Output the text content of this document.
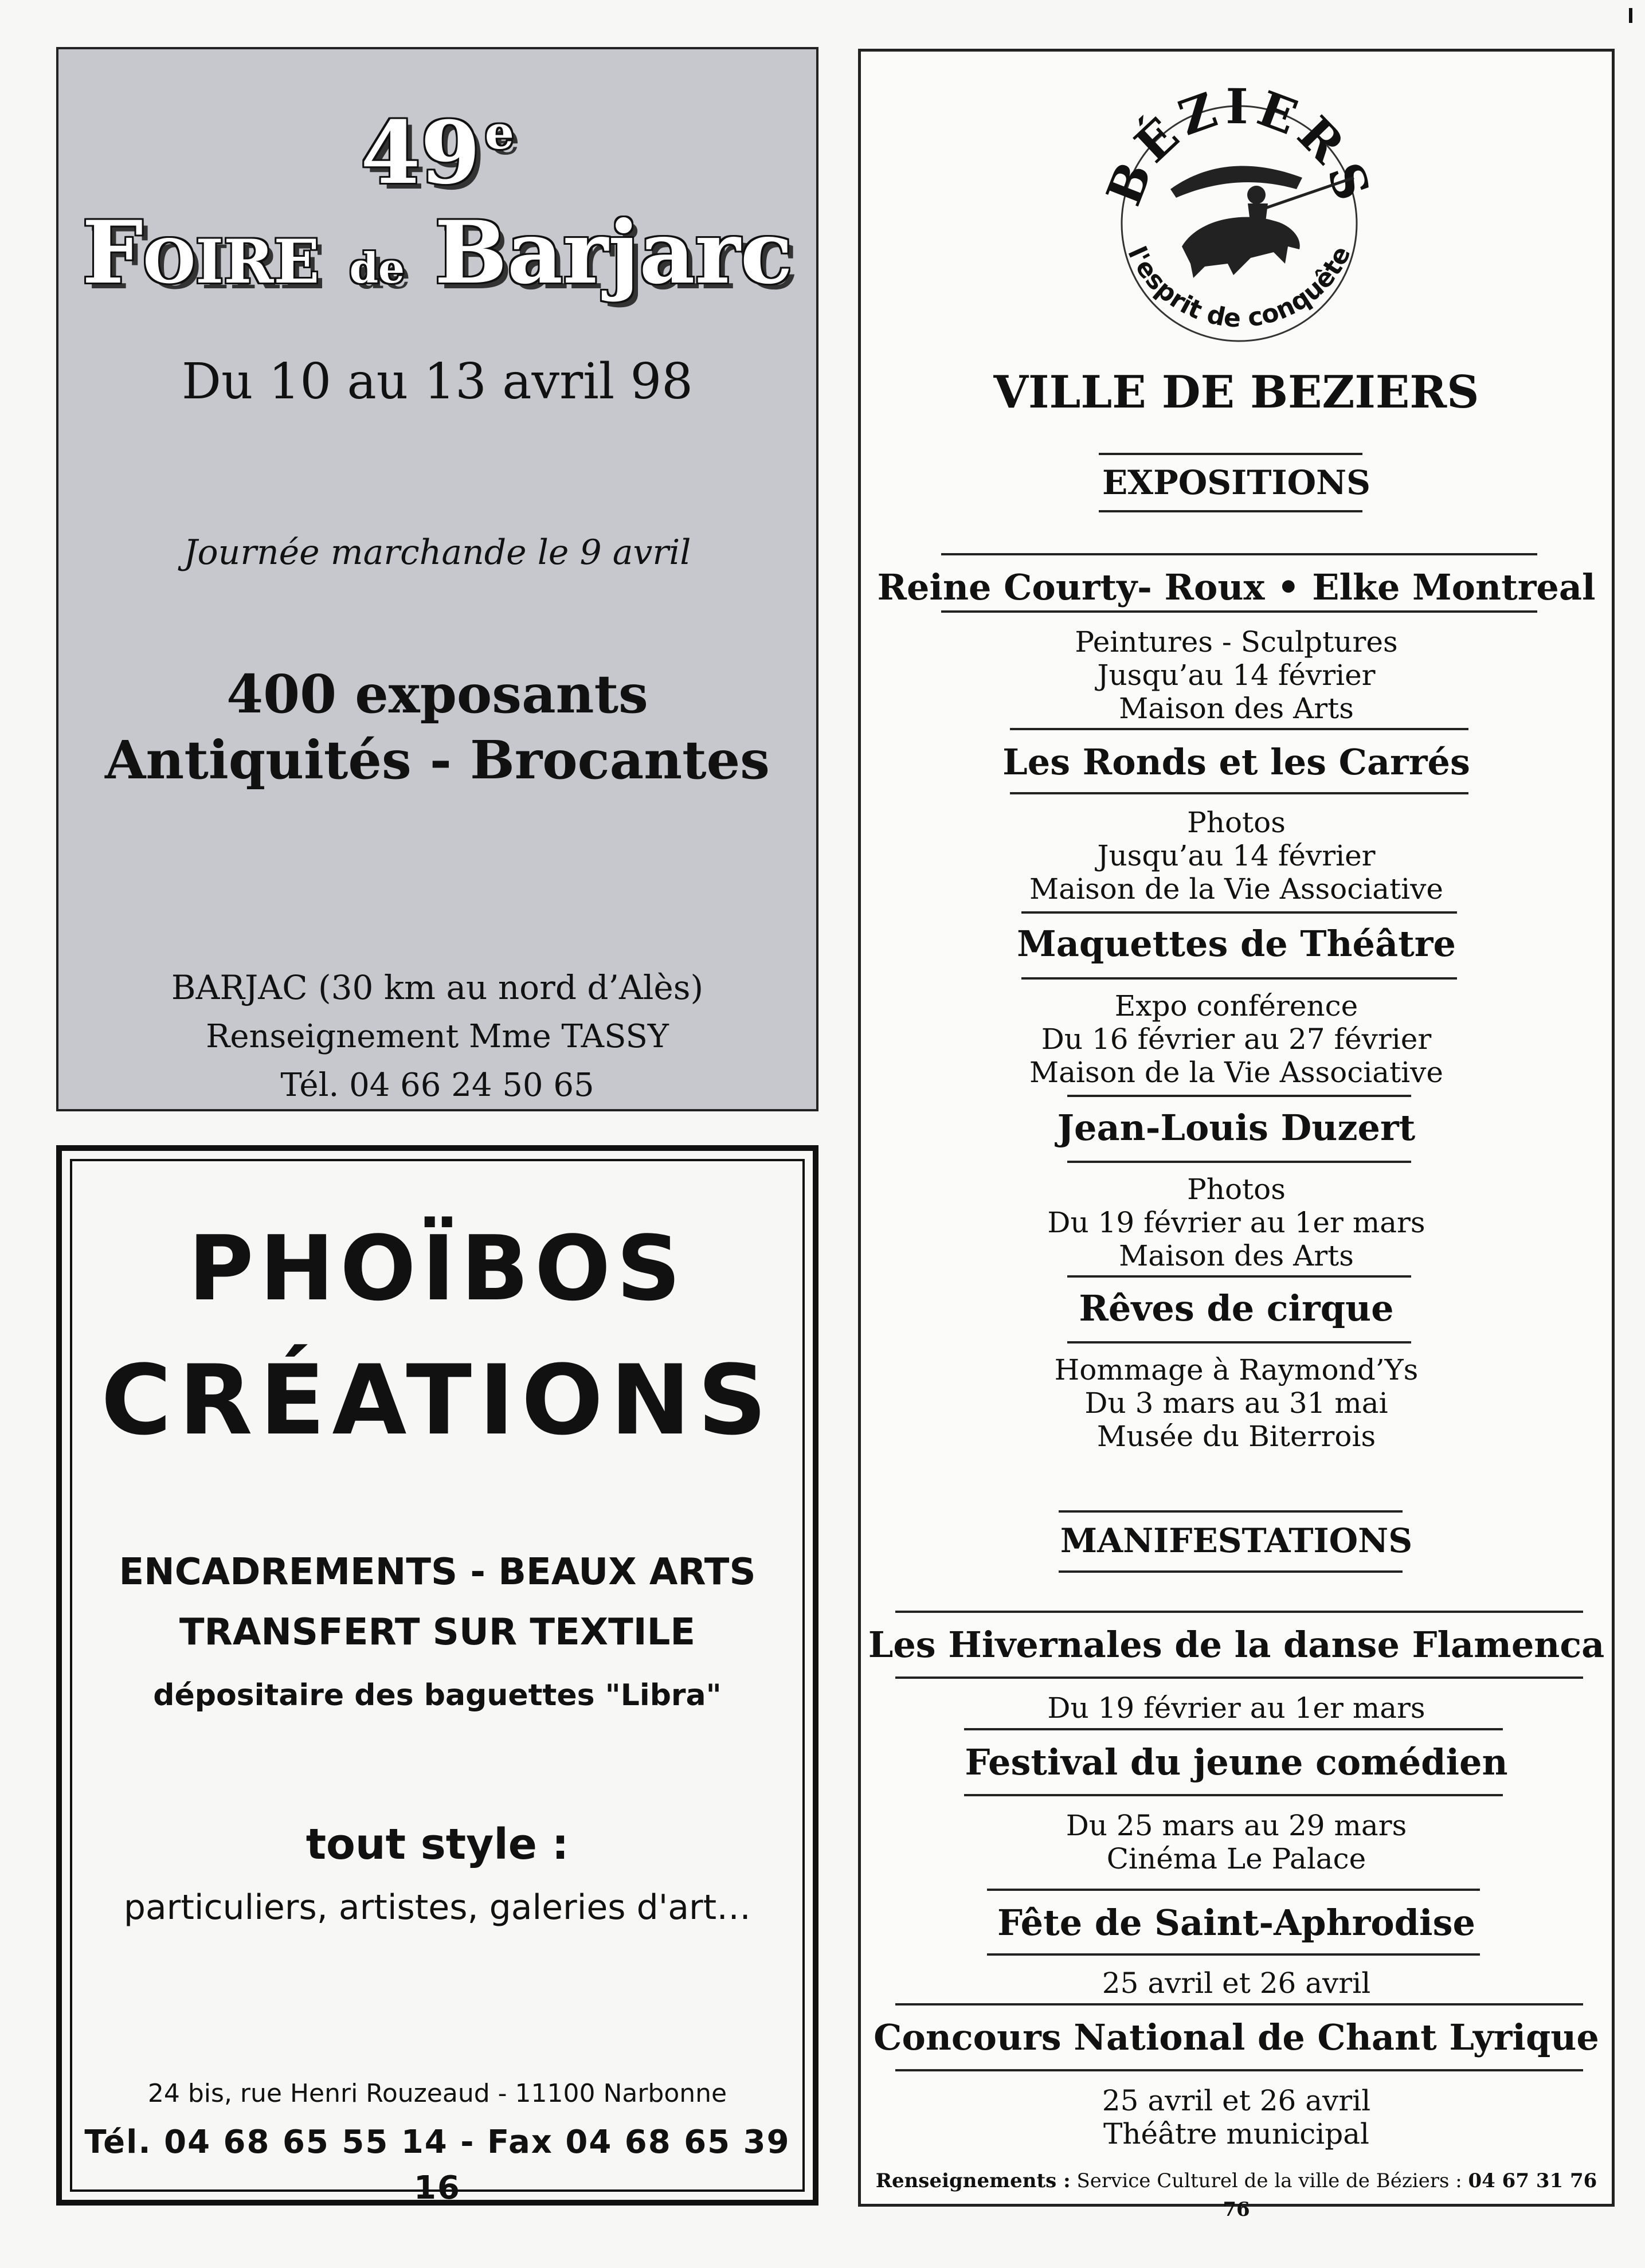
49 $^e$
Foire de Barjarc
Du 10 au 13 avril 98
Journée marchande le 9 avril
400 exposants
Antiquités - Brocantes
BARJAC (30 km au nord d’Alès)
Renseignement Mme TASSY
Tél. 04 66 24 50 65
PHOÏBOS
CRÉATIONS
ENCADREMENTS - BEAUX ARTS
TRANSFERT SUR TEXTILE
dépositaire des baguettes "Libra"
tout style :
particuliers, artistes, galeries d'art…
24 bis, rue Henri Rouzeaud - 11100 Narbonne
Tél. 04 68 65 55 14 - Fax 04 68 65 39 16
BÉZIERS
l'esprit de conquête
VILLE DE BEZIERS
Renseignements : Service Culturel de la ville de Béziers : 04 67 31 76 76
EXPOSITIONS
Reine Courty- Roux • Elke Montreal
Peintures - Sculptures
Jusqu’au 14 février
Maison des Arts
Les Ronds et les Carrés
Photos
Jusqu’au 14 février
Maison de la Vie Associative
Maquettes de Théâtre
Expo conférence
Du 16 février au 27 février
Maison de la Vie Associative
Jean-Louis Duzert
Photos
Du 19 février au 1er mars
Maison des Arts
Rêves de cirque
Hommage à Raymond’Ys
Du 3 mars au 31 mai
Musée du Biterrois
MANIFESTATIONS
Les Hivernales de la danse Flamenca
Du 19 février au 1er mars
Festival du jeune comédien
Du 25 mars au 29 mars
Cinéma Le Palace
Fête de Saint-Aphrodise
25 avril et 26 avril
Concours National de Chant Lyrique
25 avril et 26 avril
Théâtre municipal
